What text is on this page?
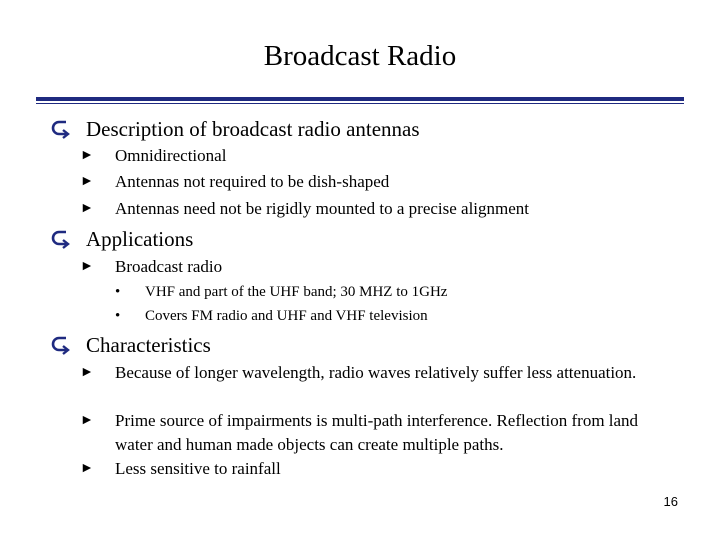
Broadcast Radio
Description of broadcast radio antennas
► Omnidirectional
► Antennas not required to be dish-shaped
► Antennas need not be rigidly mounted to a precise alignment
Applications
► Broadcast radio
• VHF and part of the UHF band; 30 MHZ to 1GHz
• Covers FM radio and UHF and VHF television
Characteristics
► Because of longer wavelength, radio waves relatively suffer less attenuation.
► Prime source of impairments is multi-path interference. Reflection from land water and human made objects can create multiple paths.
► Less sensitive to rainfall
16
